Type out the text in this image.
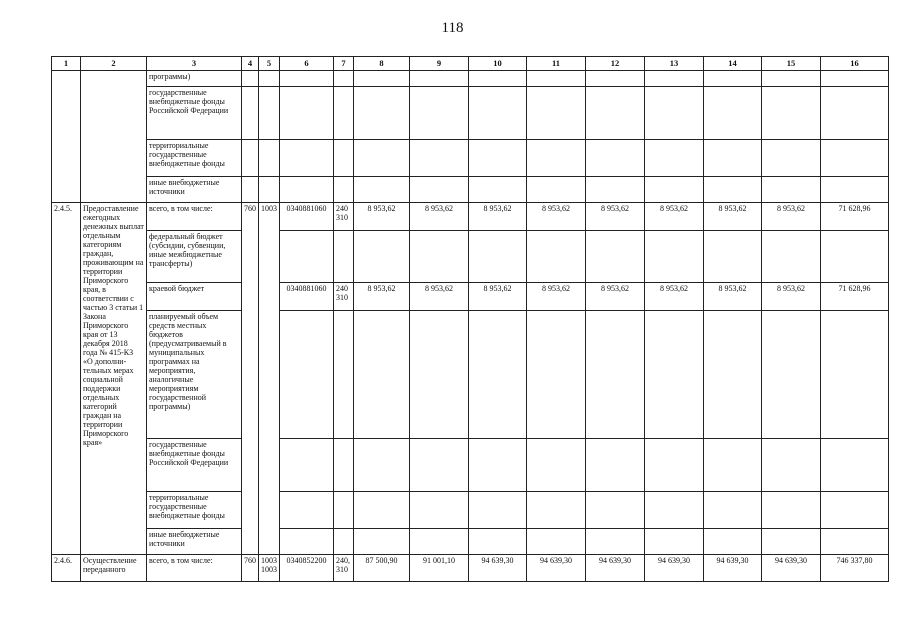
118
1	2	3	4	5	6	7	8	9	10	11	12	13	14	15	16
		программы)													
		государственные внебюджетные фонды Российской Федерации													
		территориальные государственные внебюджетные фонды													
		иные внебюджетные источники													
2.4.5.	Предоставление ежегодных денежных выплат отдельным категориям граждан, проживающим на территории Приморского края, в соответствии с частью 3 статьи 1 Закона Приморского края от 13 декабря 2018 года № 415-КЗ «О дополни-тельных мерах социальной поддержки отдельных категорий граждан на территории Приморского края»	всего, в том числе:	760	1003	0340881060	240 310	8 953,62	8 953,62	8 953,62	8 953,62	8 953,62	8 953,62	8 953,62	8 953,62	71 628,96
		федеральный бюджет (субсидии, субвенции, иные межбюджетные трансферты)													
		краевой бюджет			0340881060	240 310	8 953,62	8 953,62	8 953,62	8 953,62	8 953,62	8 953,62	8 953,62	8 953,62	71 628,96
		планируемый объем средств местных бюджетов (предусматриваемый в муниципальных программах на мероприятия, аналогичные мероприятиям государственной программы)													
		государственные внебюджетные фонды Российской Федерации													
		территориальные государственные внебюджетные фонды													
		иные внебюджетные источники													
2.4.6.	Осуществление переданного	всего, в том числе:	760	1003 1003	0340852200	240, 310	87 500,90	91 001,10	94 639,30	94 639,30	94 639,30	94 639,30	94 639,30	94 639,30	746 337,80
